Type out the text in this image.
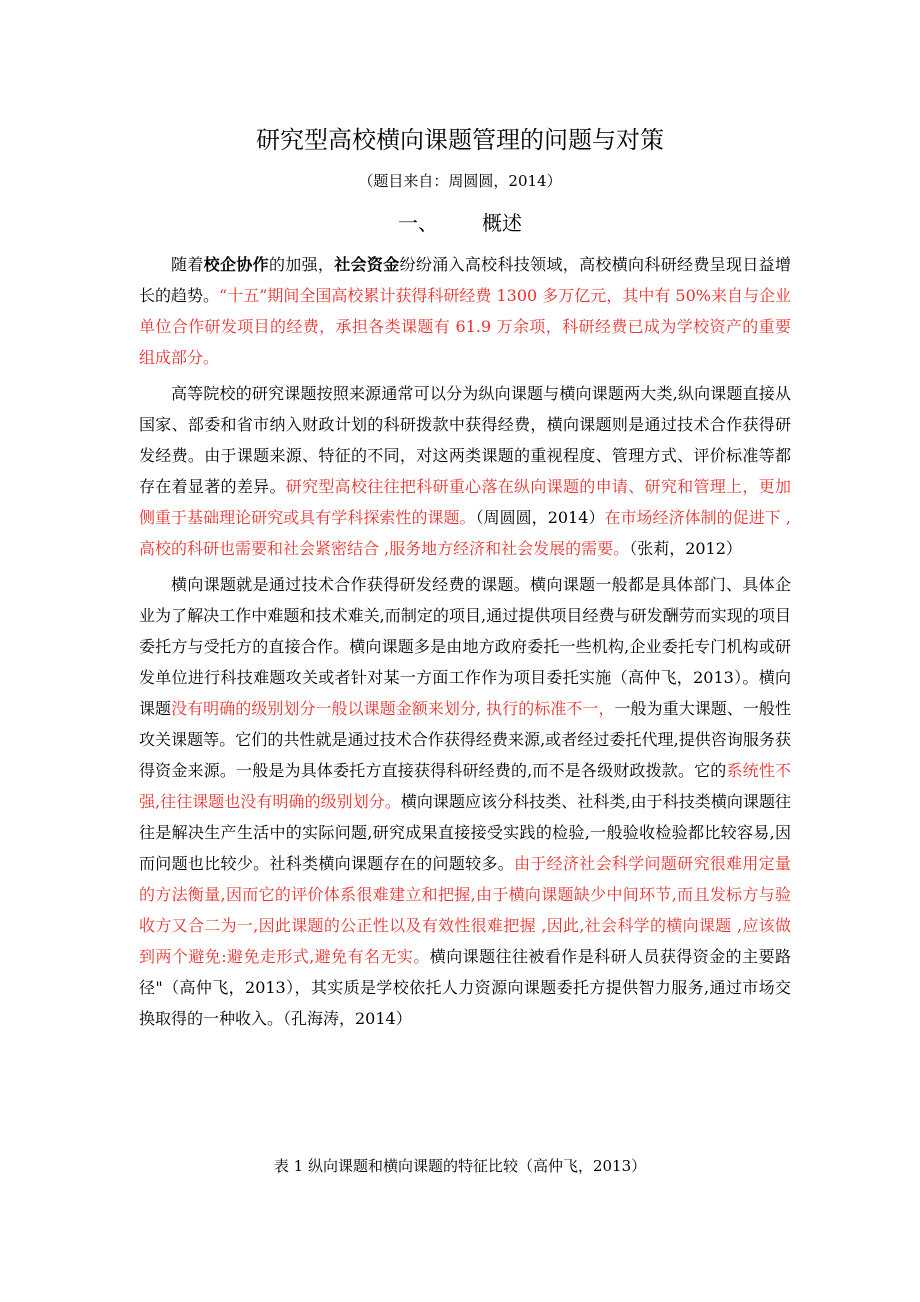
研究型高校横向课题管理的问题与对策
（题目来自：周圆圆，2014）
一、 概述

随着校企协作的加强，社会资金纷纷涌入高校科技领域，高校横向科研经费呈现日益增长的趋势。“十五”期间全国高校累计获得科研经费 1300 多万亿元，其中有 50%来自与企业单位合作研发项目的经费，承担各类课题有 61.9 万余项，科研经费已成为学校资产的重要组成部分。

高等院校的研究课题按照来源通常可以分为纵向课题与横向课题两大类,纵向课题直接从国家、部委和省市纳入财政计划的科研拨款中获得经费，横向课题则是通过技术合作获得研发经费。由于课题来源、特征的不同，对这两类课题的重视程度、管理方式、评价标准等都存在着显著的差异。研究型高校往往把科研重心落在纵向课题的申请、研究和管理上，更加侧重于基础理论研究或具有学科探索性的课题。（周圆圆，2014）在市场经济体制的促进下 ,高校的科研也需要和社会紧密结合 ,服务地方经济和社会发展的需要。（张莉，2012）

横向课题就是通过技术合作获得研发经费的课题。横向课题一般都是具体部门、具体企业为了解决工作中难题和技术难关,而制定的项目,通过提供项目经费与研发酬劳而实现的项目委托方与受托方的直接合作。横向课题多是由地方政府委托一些机构,企业委托专门机构或研发单位进行科技难题攻关或者针对某一方面工作作为项目委托实施（高仲飞，2013）。横向课题没有明确的级别划分一般以课题金额来划分, 执行的标准不一，一般为重大课题、一般性攻关课题等。它们的共性就是通过技术合作获得经费来源,或者经过委托代理,提供咨询服务获得资金来源。一般是为具体委托方直接获得科研经费的,而不是各级财政拨款。它的系统性不强,往往课题也没有明确的级别划分。横向课题应该分科技类、社科类,由于科技类横向课题往往是解决生产生活中的实际问题,研究成果直接接受实践的检验,一般验收检验都比较容易,因而问题也比较少。社科类横向课题存在的问题较多。由于经济社会科学问题研究很难用定量的方法衡量,因而它的评价体系很难建立和把握,由于横向课题缺少中间环节,而且发标方与验收方又合二为一,因此课题的公正性以及有效性很难把握 ,因此,社会科学的横向课题 ,应该做到两个避免:避免走形式,避免有名无实。横向课题往往被看作是科研人员获得资金的主要路径"（高仲飞，2013），其实质是学校依托人力资源向课题委托方提供智力服务,通过市场交换取得的一种收入。（孔海涛，2014）

表 1 纵向课题和横向课题的特征比较（高仲飞，2013）
